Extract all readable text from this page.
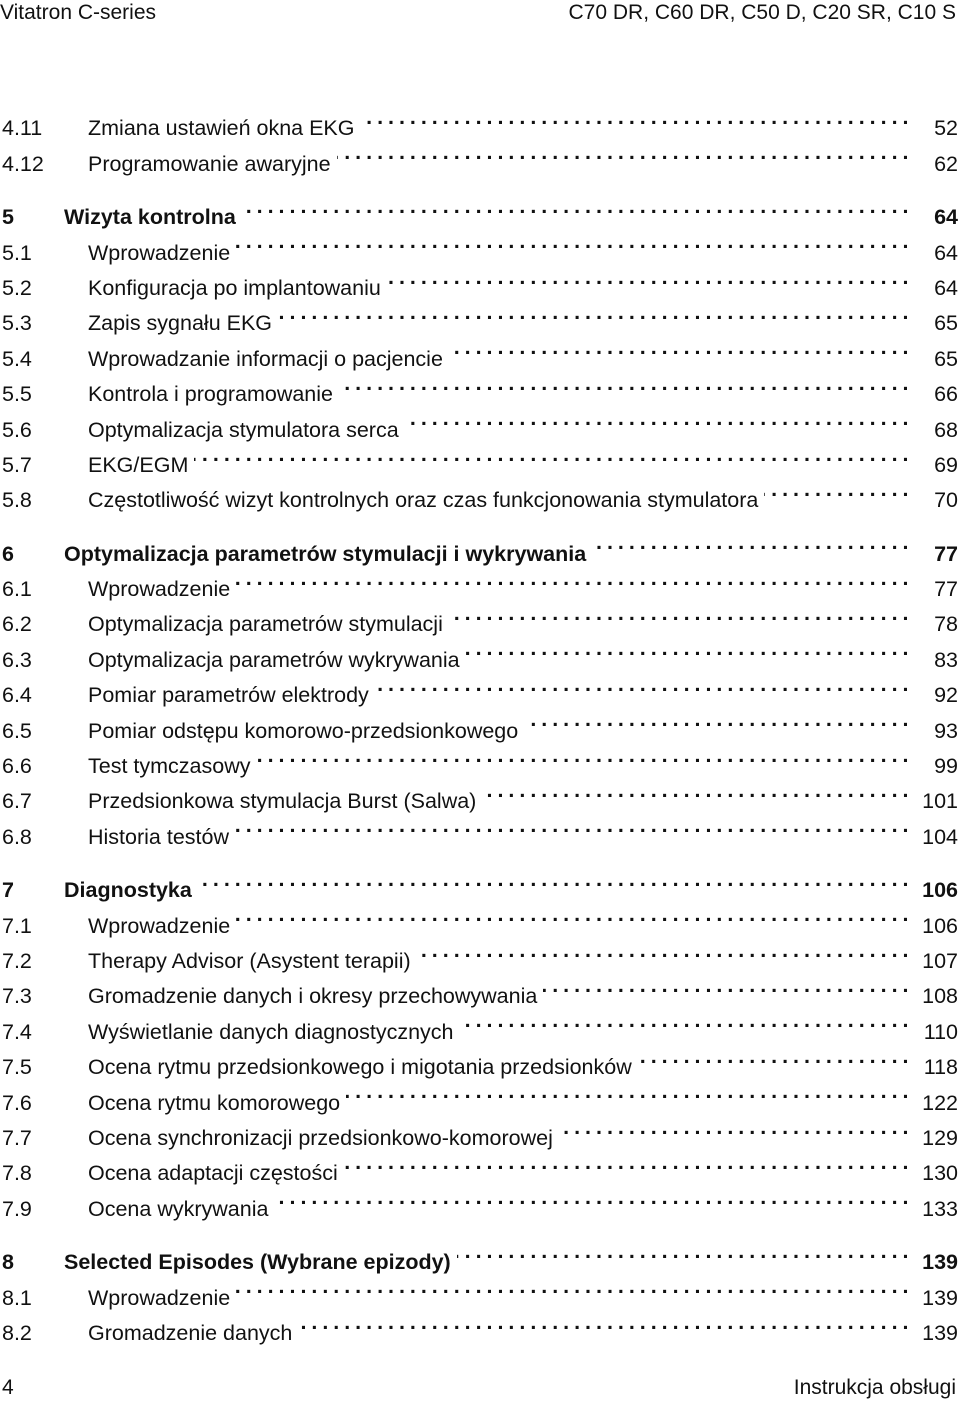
Vitatron C-series	C70 DR, C60 DR, C50 D, C20 SR, C10 S
4.11	Zmiana ustawień okna EKG . . .	52
4.12	Programowanie awaryjne . . .	62
5	Wizyta kontrolna . . .	64
5.1	Wprowadzenie . . .	64
5.2	Konfiguracja po implantowaniu . . .	64
5.3	Zapis sygnału EKG . . .	65
5.4	Wprowadzanie informacji o pacjencie . . .	65
5.5	Kontrola i programowanie . . .	66
5.6	Optymalizacja stymulatora serca . . .	68
5.7	EKG/EGM . . .	69
5.8	Częstotliwość wizyt kontrolnych oraz czas funkcjonowania stymulatora . . .	70
6	Optymalizacja parametrów stymulacji i wykrywania . . .	77
6.1	Wprowadzenie . . .	77
6.2	Optymalizacja parametrów stymulacji . . .	78
6.3	Optymalizacja parametrów wykrywania . . .	83
6.4	Pomiar parametrów elektrody . . .	92
6.5	Pomiar odstępu komorowo-przedsionkowego . . .	93
6.6	Test tymczasowy . . .	99
6.7	Przedsionkowa stymulacja Burst (Salwa) . . .	101
6.8	Historia testów . . .	104
7	Diagnostyka . . .	106
7.1	Wprowadzenie . . .	106
7.2	Therapy Advisor (Asystent terapii) . . .	107
7.3	Gromadzenie danych i okresy przechowywania . . .	108
7.4	Wyświetlanie danych diagnostycznych . . .	110
7.5	Ocena rytmu przedsionkowego i migotania przedsionków . . .	118
7.6	Ocena rytmu komorowego . . .	122
7.7	Ocena synchronizacji przedsionkowo-komorowej . . .	129
7.8	Ocena adaptacji częstości . . .	130
7.9	Ocena wykrywania . . .	133
8	Selected Episodes (Wybrane epizody) . . .	139
8.1	Wprowadzenie . . .	139
8.2	Gromadzenie danych . . .	139
4	Instrukcja obsługi
